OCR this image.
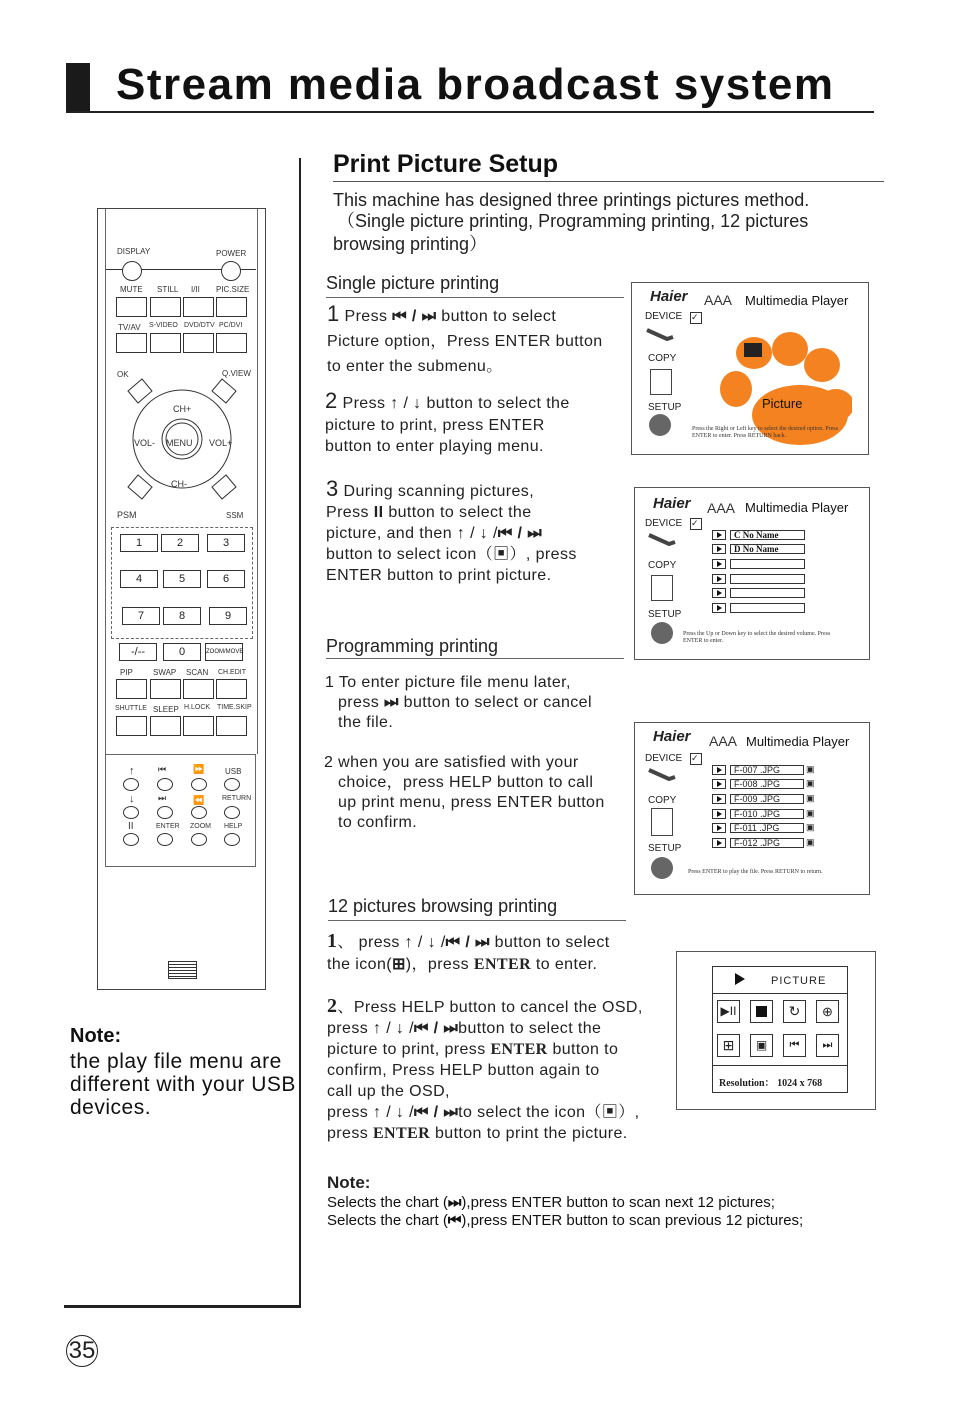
Stream media broadcast system
Print Picture Setup
This machine has designed three printings pictures method.
（Single picture printing, Programming printing, 12 pictures
browsing printing）
Single picture printing
1 Press ⏮ / ⏭ button to select
Picture option，Press ENTER button
to enter the submenu。
2 Press ↑ / ↓ button to select the
picture to print, press ENTER
button to enter playing menu.
3 During scanning pictures,
Press II button to select the
picture, and then ↑ / ↓ /⏮ / ⏭
button to select icon（▣）, press
ENTER button to print picture.
Programming printing
1 To enter picture file menu later,
press ⏭ button to select or cancel
the file.
2 when you are satisfied with your
choice，press HELP button to call
up print menu, press ENTER button
to confirm.
12 pictures browsing printing
1、 press ↑ / ↓ /⏮ / ⏭ button to select
the icon(⊞)，press ENTER to enter.
2、Press HELP button to cancel the OSD,
press ↑ / ↓ /⏮ / ⏭button to select the
picture to print, press ENTER button to
confirm, Press HELP button again to
call up the OSD,
press ↑ / ↓ /⏮ / ⏭to select the icon（▣）,
press ENTER button to print the picture.
Note:
Selects the chart (⏭),press ENTER button to scan next 12 pictures;
Selects the chart (⏮),press ENTER button to scan previous 12 pictures;
Note:
the play file menu are different with your USB devices.
35
Haier AAA Multimedia Player
DEVICE ✓
COPY
SETUP	Picture
Press the Right or Left key to select the desired option. Press ENTER to enter. Press RETURN back.
Haier AAA Multimedia Player
DEVICE ✓
COPY
SETUP
C No Name
D No Name
Press the Up or Down key to select the desired volume. Press ENTER to enter.
Haier AAA Multimedia Player
DEVICE ✓
COPY
SETUP
F-007 .JPG	▣
F-008 .JPG	▣
F-009 .JPG	▣
F-010 .JPG	▣
F-011 .JPG	▣
F-012 .JPG	▣
Press ENTER to play the file. Press RETURN to return.
PICTURE
▶II	↻	⊕
⊞	▣	⏮	⏭
Resolution： 1024 x 768
DISPLAY	POWER
MUTE STILL I/II PIC.SIZE
TV/AV S-VIDEO DVD/DTV PC/DVI
OK	Q.VIEW
CH+
CH-
VOL-	VOL+
MENU
PSM	SSM
1	2	3
4	5	6
7	8	9
-/--	0	ZOOM/MOVE
PIP	SWAP SCAN CH.EDIT
SHUTTLE SLEEP H.LOCK TIME.SKIP
↑	⏮	⏩	USB
↓	⏭	⏪	RETURN
II	ENTER ZOOM HELP
